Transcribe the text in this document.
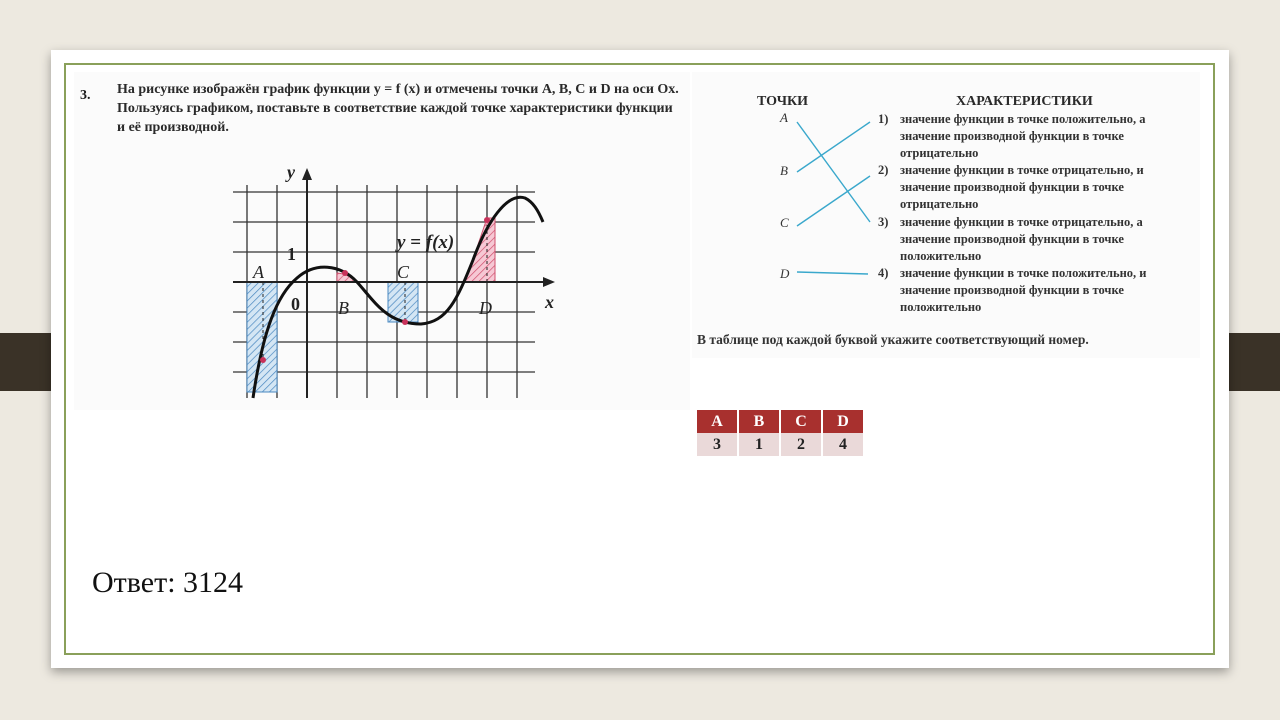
3. На рисунке изображён график функции y = f (x) и отмечены точки A, B, C и D на оси Ox. Пользуясь графиком, поставьте в соответствие каждой точке характеристики функции и её производной.
y
x
0
1
y = f(x)
A
B
C
D
ТОЧКИ	ХАРАКТЕРИСТИКИ
A
B
C
D
1) значение функции в точке положительно, а значение производной функции в точке отрицательно
2) значение функции в точке отрицательно, и значение производной функции в точке отрицательно
3) значение функции в точке отрицательно, а значение производной функции в точке положительно
4) значение функции в точке положительно, и значение производной функции в точке положительно
В таблице под каждой буквой укажите соответствующий номер.
A	B	C	D
3	1	2	4
Ответ: 3124
